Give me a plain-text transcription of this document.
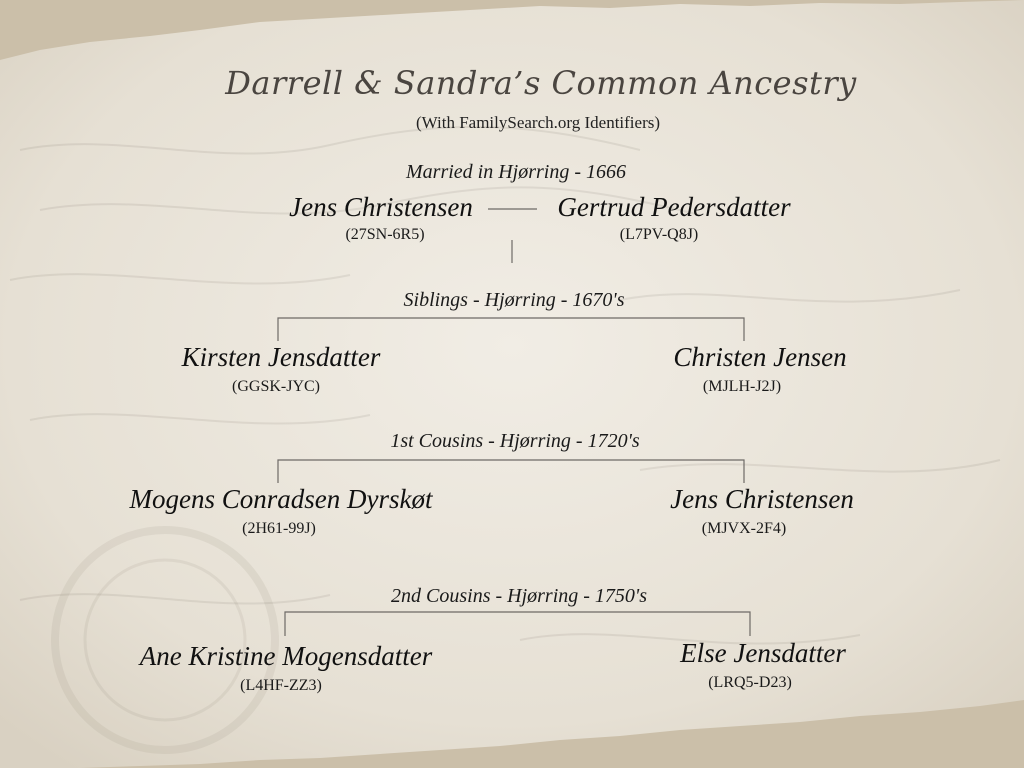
Darrell & Sandra’s Common Ancestry
(With FamilySearch.org Identifiers)
Married in Hjørring - 1666
Jens Christensen
(27SN-6R5)
Gertrud Pedersdatter
(L7PV-Q8J)
Siblings - Hjørring - 1670's
Kirsten Jensdatter
(GGSK-JYC)
Christen Jensen
(MJLH-J2J)
1st Cousins - Hjørring - 1720's
Mogens Conradsen Dyrskøt
(2H61-99J)
Jens Christensen
(MJVX-2F4)
2nd Cousins - Hjørring - 1750's
Ane Kristine Mogensdatter
(L4HF-ZZ3)
Else Jensdatter
(LRQ5-D23)
